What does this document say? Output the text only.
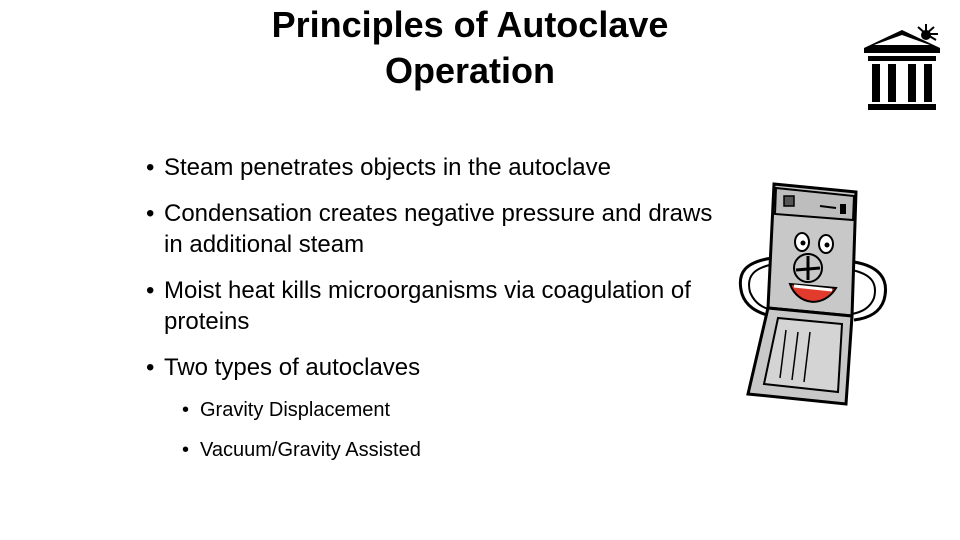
Principles of Autoclave
Operation
• Steam penetrates objects in the autoclave
• Condensation creates negative pressure and draws in additional steam
• Moist heat kills microorganisms via coagulation of proteins
• Two types of autoclaves
• Gravity Displacement
• Vacuum/Gravity Assisted
